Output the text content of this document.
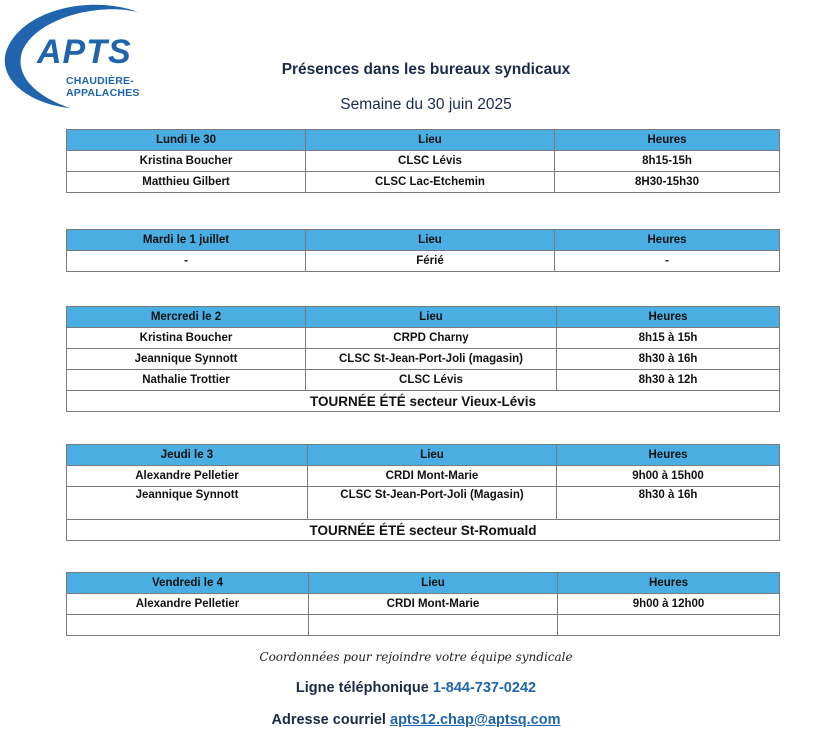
APTS
CHAUDIÈRE-APPALACHES
Présences dans les bureaux syndicaux
Semaine du 30 juin 2025
Lundi le 30	Lieu	Heures
Kristina Boucher	CLSC Lévis	8h15-15h
Matthieu Gilbert	CLSC Lac-Etchemin	8H30-15h30
Mardi le 1 juillet	Lieu	Heures
-	Férié	-
Mercredi le 2	Lieu	Heures
Kristina Boucher	CRPD Charny	8h15 à 15h
Jeannique Synnott	CLSC St-Jean-Port-Joli (magasin)	8h30 à 16h
Nathalie Trottier	CLSC Lévis	8h30 à 12h
TOURNÉE ÉTÉ secteur Vieux-Lévis		
Jeudi le 3	Lieu	Heures
Alexandre Pelletier	CRDI Mont-Marie	9h00 à 15h00
Jeannique Synnott	CLSC St-Jean-Port-Joli (Magasin)	8h30 à 16h
TOURNÉE ÉTÉ secteur St-Romuald		
Vendredi le 4	Lieu	Heures
Alexandre Pelletier	CRDI Mont-Marie	9h00 à 12h00

Coordonnées pour rejoindre votre équipe syndicale
Ligne téléphonique 1-844-737-0242
Adresse courriel apts12.chap@aptsq.com
